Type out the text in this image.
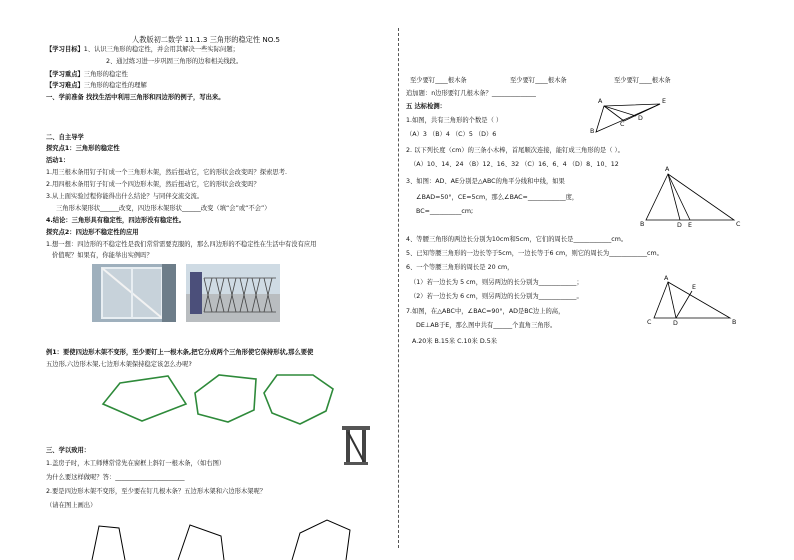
人教版初二数学 11.1.3 三角形的稳定性 NO.5
【学习目标】1、认识三角形的稳定性，并会用其解决一些实际问题；
2、通过练习进一步巩固三角形的边和相关线段。
【学习重点】三角形的稳定性
【学习难点】三角形的稳定性的理解
一、学前准备 找找生活中利用三角形和四边形的例子，写出来。
二、自主导学
探究点1：三角形的稳定性
活动1：
1.用三根木条用钉子钉成一个三角形木架，然后扭动它，它的形状会改变吗？探索思考.
2.用四根木条用钉子钉成一个四边形木架，然后扭动它，它的形状会改变吗？
3.从上面实验过程你能得出什么结论？与同伴交流交流。
三角形木架形状______改变，四边形木架形状______改变（填“会”或“不会”）
4.结论：三角形具有稳定性，四边形没有稳定性。
探究点2：四边形不稳定性的应用
1.想一想：四边形的不稳定性是我们常常需要克服的，那么四边形的不稳定性在生活中有没有应用
价值呢？如果有，你能举出实例吗？
例1：要使四边形木架不变形，至少要钉上一根木条,把它分成两个三角形使它保持形状,那么要使
五边形,六边形木架,七边形木架保持稳定该怎么办呢?
三、学以致用：
1.盖房子时，木工师傅常常先在窗框上斜钉一根木条，（如右图）
为什么要这样做呢？答：______________________
2.要是四边形木架不变形，至少要在钉几根木条？五边形木架和六边形木架呢？
（请在图上画出）
至少要钉____根木条	至少要钉____根木条	至少要钉____根木条
追加题：n边形要钉几根木条？______________
五 达标检测：
1.如图，共有三角形的个数是（ ）
（A）3 （B）4 （C）5 （D）6
A	E
B
C
D
2. 以下列长度（cm）的三条小木棒，首尾顺次连接，能钉成三角形的是（ ）。
（A）10、14、24 （B）12、16、32 （C）16、6、4 （D）8、10、12
3、如图：AD、AE分别是△ABC的角平分线和中线，如果
∠BAD=50°，CE=5cm，那么∠BAC=____________度，
BC=__________cm;
A
B	D E	C
4、等腰三角形的两边长分别为10cm和5cm，它们的周长是____________cm。
5、已知等腰三角形的一边长等于5cm，一边长等于6 cm，则它的周长为____________cm。
6、一个等腰三角形的周长是 20 cm，
（1）若一边长为 5 cm，则另两边的长分别为____________；
（2）若一边长为 6 cm，则另两边的长分别为____________。
7.如图，在△ABC中，∠BAC=90°，AD是BC边上的高，
DE⊥AB于E，那么图中共有______个直角三角形。
A.20米 B.15米 C.10米 D.5米
A
E
C	D	B
